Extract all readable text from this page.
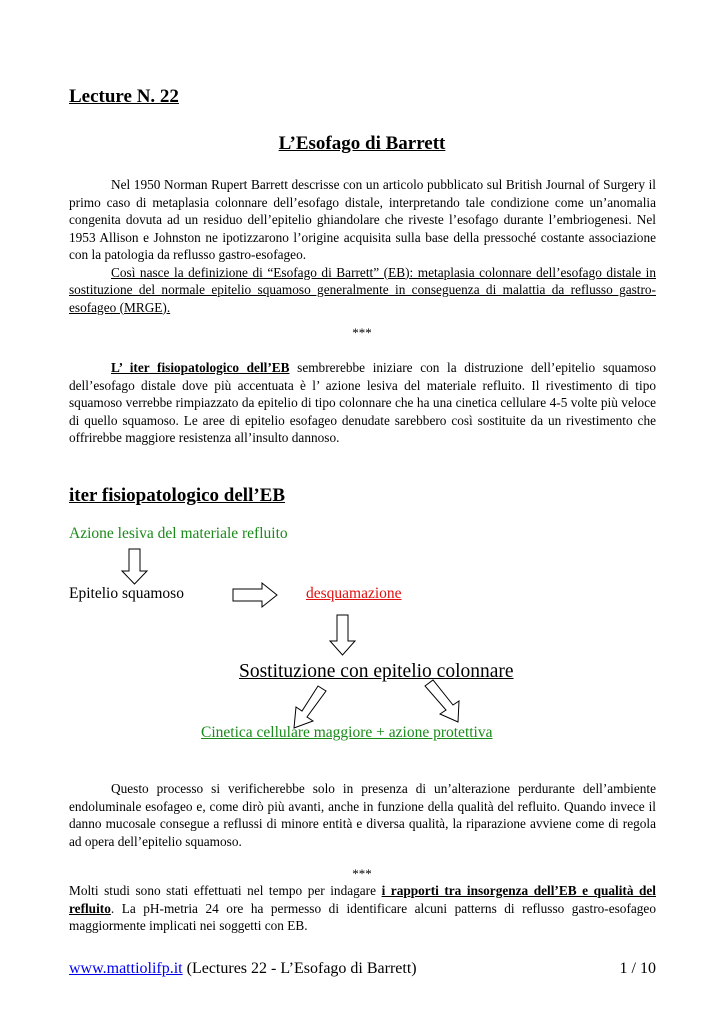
Lecture N. 22
L’Esofago di Barrett
Nel 1950 Norman Rupert Barrett descrisse con un articolo pubblicato sul British Journal of Surgery il primo caso di metaplasia colonnare dell’esofago distale, interpretando tale condizione come un’anomalia congenita dovuta ad un residuo dell’epitelio ghiandolare che riveste l’esofago durante l’embriogenesi. Nel 1953 Allison e Johnston ne ipotizzarono l’origine acquisita sulla base della pressoché costante associazione con la patologia da reflusso gastro-esofageo.
Così nasce la definizione di “Esofago di Barrett” (EB): metaplasia colonnare dell’esofago distale in sostituzione del normale epitelio squamoso generalmente in conseguenza di malattia da reflusso gastro-esofageo (MRGE).
***
L’ iter fisiopatologico dell’EB sembrerebbe iniziare con la distruzione dell’epitelio squamoso dell’esofago distale dove più accentuata è l’ azione lesiva del materiale refluito. Il rivestimento di tipo squamoso verrebbe rimpiazzato da epitelio di tipo colonnare che ha una cinetica cellulare 4-5 volte più veloce di quello squamoso. Le aree di epitelio esofageo denudate sarebbero così sostituite da un rivestimento che offrirebbe maggiore resistenza all’insulto dannoso.
iter fisiopatologico dell’EB
Azione lesiva del materiale refluito
Epitelio squamoso	desquamazione
Sostituzione con epitelio colonnare
Cinetica cellulare maggiore + azione protettiva
Questo processo si verificherebbe solo in presenza di un’alterazione perdurante dell’ambiente endoluminale esofageo e, come dirò più avanti, anche in funzione della qualità del refluito. Quando invece il danno mucosale consegue a reflussi di minore entità e diversa qualità, la riparazione avviene come di regola ad opera dell’epitelio squamoso.
***
Molti studi sono stati effettuati nel tempo per indagare i rapporti tra insorgenza dell’EB e qualità del refluito. La pH-metria 24 ore ha permesso di identificare alcuni patterns di reflusso gastro-esofageo maggiormente implicati nei soggetti con EB.
www.mattiolifp.it (Lectures 22 - L’Esofago di Barrett)	1 / 10
